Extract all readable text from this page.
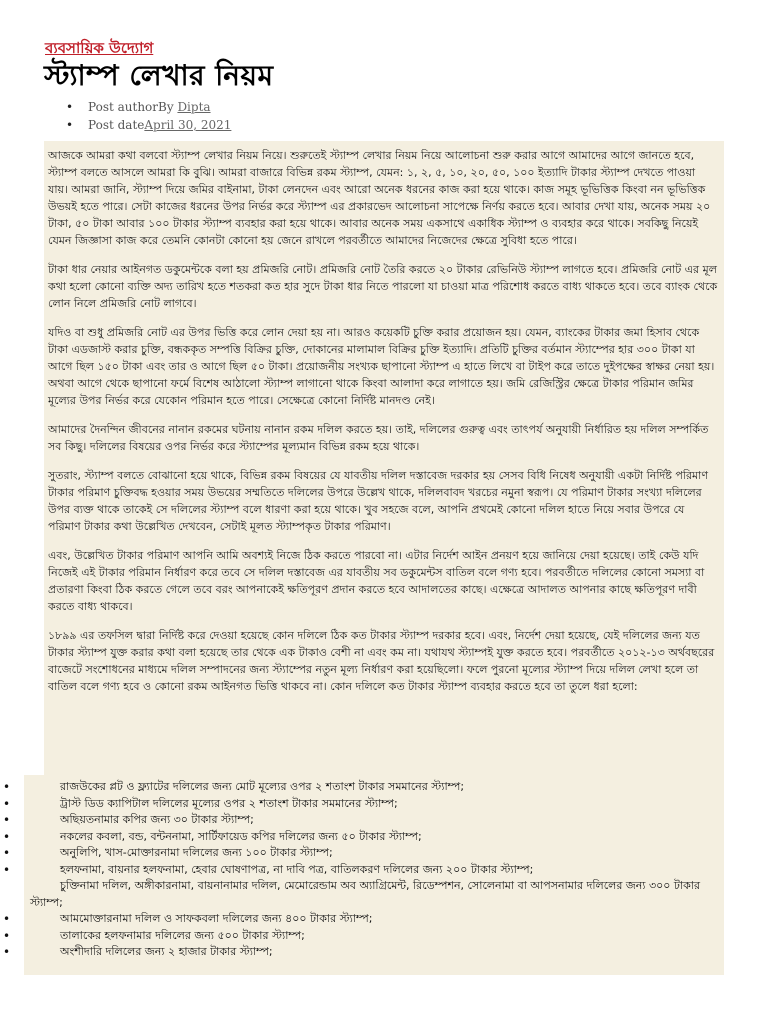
ব্যবসায়িক উদ্যোগ
স্ট্যাম্প লেখার নিয়ম
• Post authorBy Dipta
• Post dateApril 30, 2021

আজকে আমরা কথা বলবো স্ট্যাম্প লেখার নিয়ম নিয়ে। শুরুতেই স্ট্যাম্প লেখার নিয়ম নিয়ে আলোচনা শুরু করার আগে আমাদের আগে জানতে হবে, স্ট্যাম্প বলতে আসলে আমরা কি বুঝি। আমরা বাজারে বিভিন্ন রকম স্ট্যাম্প, যেমন: ১, ২, ৫, ১০, ২০, ৫০, ১০০ ইত্যাদি টাকার স্ট্যাম্প দেখতে পাওয়া যায়। আমরা জানি, স্ট্যাম্প দিয়ে জমির বাইনামা, টাকা লেনদেন এবং আরো অনেক ধরনের কাজ করা হয়ে থাকে। কাজ সমূহ ভূভিত্তিক কিংবা নন ভূভিত্তিক উভয়ই হতে পারে। সেটা কাজের ধরনের উপর নির্ভর করে স্ট্যাম্প এর প্রকারভেদ আলোচনা সাপেক্ষে নির্ণয় করতে হবে। আবার দেখা যায়, অনেক সময় ২০ টাকা, ৫০ টাকা আবার ১০০ টাকার স্ট্যাম্প ব্যবহার করা হয়ে থাকে। আবার অনেক সময় একসাথে একাধিক স্ট্যাম্প ও ব্যবহার করে থাকে। সবকিছু নিয়েই যেমন জিজ্ঞাসা কাজ করে তেমনি কোনটা কোনো হয় জেনে রাখলে পরবর্তীতে আমাদের নিজেদের ক্ষেত্রে সুবিধা হতে পারে।

টাকা ধার নেয়ার আইনগত ডকুমেন্টকে বলা হয় প্রমিজরি নোট। প্রমিজরি নোট তৈরি করতে ২০ টাকার রেভিনিউ স্ট্যাম্প লাগতে হবে। প্রমিজরি নোট এর মূল কথা হলো কোনো ব্যক্তি অদ্য তারিখ হতে শতকরা কত হার সুদে টাকা ধার নিতে পারলো যা চাওয়া মাত্র পরিশোধ করতে বাধ্য থাকতে হবে। তবে ব্যাংক থেকে লোন নিলে প্রমিজরি নোট লাগবে।

যদিও বা শুধু প্রমিজরি নোট এর উপর ভিত্তি করে লোন দেয়া হয় না। আরও কয়েকটি চুক্তি করার প্রয়োজন হয়। যেমন, ব্যাংকের টাকার জমা হিসাব থেকে টাকা এডজাস্ট করার চুক্তি, বন্ধককৃত সম্পত্তি বিক্রির চুক্তি, দোকানের মালামাল বিক্রির চুক্তি ইত্যাদি। প্রতিটি চুক্তির বর্তমান স্ট্যাম্পের হার ৩০০ টাকা যা আগে ছিল ১৫০ টাকা এবং তার ও আগে ছিল ৫০ টাকা। প্রয়োজনীয় সংখ্যক ছাপানো স্ট্যাম্প এ হাতে লিখে বা টাইপ করে তাতে দুইপক্ষের স্বাক্ষর নেয়া হয়। অথবা আগে থেকে ছাপানো ফর্মে বিশেষ আঠালো স্ট্যাম্প লাগানো থাকে কিংবা আলাদা করে লাগাতে হয়। জমি রেজিস্ট্রির ক্ষেত্রে টাকার পরিমান জমির মূল্যের উপর নির্ভর করে যেকোন পরিমান হতে পারে। সেক্ষেত্রে কোনো নির্দিষ্ট মানদণ্ড নেই।

আমাদের দৈনন্দিন জীবনের নানান রকমের ঘটনায় নানান রকম দলিল করতে হয়। তাই, দলিলের গুরুত্ব এবং তাৎপর্য অনুযায়ী নির্ধারিত হয় দলিল সম্পর্কিত সব কিছু। দলিলের বিষয়ের ওপর নির্ভর করে স্ট্যাম্পের মূল্যমান বিভিন্ন রকম হয়ে থাকে।

সুতরাং, স্ট্যাম্প বলতে বোঝানো হয়ে থাকে, বিভিন্ন রকম বিষয়ের যে যাবতীয় দলিল দস্তাবেজ দরকার হয় সেসব বিধি নিষেধ অনুযায়ী একটা নির্দিষ্ট পরিমাণ টাকার পরিমাণ চুক্তিবদ্ধ হওয়ার সময় উভয়ের সম্মতিতে দলিলের উপরে উল্লেখ থাকে, দলিলবাবদ খরচের নমুনা স্বরূপ। যে পরিমাণ টাকার সংখ্যা দলিলের উপর ব্যক্ত থাকে তাকেই সে দলিলের স্ট্যাম্প বলে ধারণা করা হয়ে থাকে। খুব সহজে বলে, আপনি প্রথমেই কোনো দলিল হাতে নিয়ে সবার উপরে যে পরিমাণ টাকার কথা উল্লেখিত দেখবেন, সেটাই মূলত স্ট্যাম্পকৃত টাকার পরিমাণ।

এবং, উল্লেখিত টাকার পরিমাণ আপনি আমি অবশ্যই নিজে ঠিক করতে পারবো না। এটার নির্দেশ আইন প্রনয়ণ হয়ে জানিয়ে দেয়া হয়েছে। তাই কেউ যদি নিজেই এই টাকার পরিমান নির্ধারণ করে তবে সে দলিল দস্তাবেজ এর যাবতীয় সব ডকুমেন্টস বাতিল বলে গণ্য হবে। পরবর্তীতে দলিলের কোনো সমস্যা বা প্রতারণা কিংবা ঠিক করতে গেলে তবে বরং আপনাকেই ক্ষতিপূরণ প্রদান করতে হবে আদালতের কাছে। এক্ষেত্রে আদালত আপনার কাছে ক্ষতিপূরণ দাবী করতে বাধ্য থাকবে।

১৮৯৯ এর তফসিল দ্বারা নির্দিষ্ট করে দেওয়া হয়েছে কোন দলিলে ঠিক কত টাকার স্ট্যাম্প দরকার হবে। এবং, নির্দেশ দেয়া হয়েছে, যেই দলিলের জন্য যত টাকার স্ট্যাম্প যুক্ত করার কথা বলা হয়েছে তার থেকে এক টাকাও বেশী না এবং কম না। যথাযথ স্ট্যাম্পই যুক্ত করতে হবে। পরবর্তীতে ২০১২-১৩ অর্থবছরের বাজেটে সংশোধনের মাধ্যমে দলিল সম্পাদনের জন্য স্ট্যাম্পের নতুন মূল্য নির্ধারণ করা হয়েছিলো। ফলে পুরনো মূল্যের স্ট্যাম্প দিয়ে দলিল লেখা হলে তা বাতিল বলে গণ্য হবে ও কোনো রকম আইনগত ভিত্তি থাকবে না। কোন দলিলে কত টাকার স্ট্যাম্প ব্যবহার করতে হবে তা তুলে ধরা হলো:

•	রাজউকের প্লট ও ফ্ল্যাটের দলিলের জন্য মোট মূল্যের ওপর ২ শতাংশ টাকার সমমানের স্ট্যাম্প;
•	ট্রাস্ট ডিড ক্যাপিটাল দলিলের মূল্যের ওপর ২ শতাংশ টাকার সমমানের স্ট্যাম্প;
•	অছিয়তনামার কপির জন্য ৩০ টাকার স্ট্যাম্প;
•	নকলের কবলা, বন্ড, বন্টননামা, সার্টিফায়েড কপির দলিলের জন্য ৫০ টাকার স্ট্যাম্প;
•	অনুলিপি, খাস-মোক্তারনামা দলিলের জন্য ১০০ টাকার স্ট্যাম্প;
•	হলফনামা, বায়নার হলফনামা, হেবার ঘোষণাপত্র, না দাবি পত্র, বাতিলকরণ দলিলের জন্য ২০০ টাকার স্ট্যাম্প;
চুক্তিনামা দলিল, অঙ্গীকারনামা, বায়নানামার দলিল, মেমোরেন্ডাম অব অ্যাগ্রিমেন্ট, রিডেম্পশন, সোলেনামা বা আপসনামার দলিলের জন্য ৩০০ টাকার স্ট্যাম্প;
•	আমমোক্তারনামা দলিল ও সাফকবলা দলিলের জন্য ৪০০ টাকার স্ট্যাম্প;
•	তালাকের হলফনামার দলিলের জন্য ৫০০ টাকার স্ট্যাম্প;
•	অংশীদারি দলিলের জন্য ২ হাজার টাকার স্ট্যাম্প;
